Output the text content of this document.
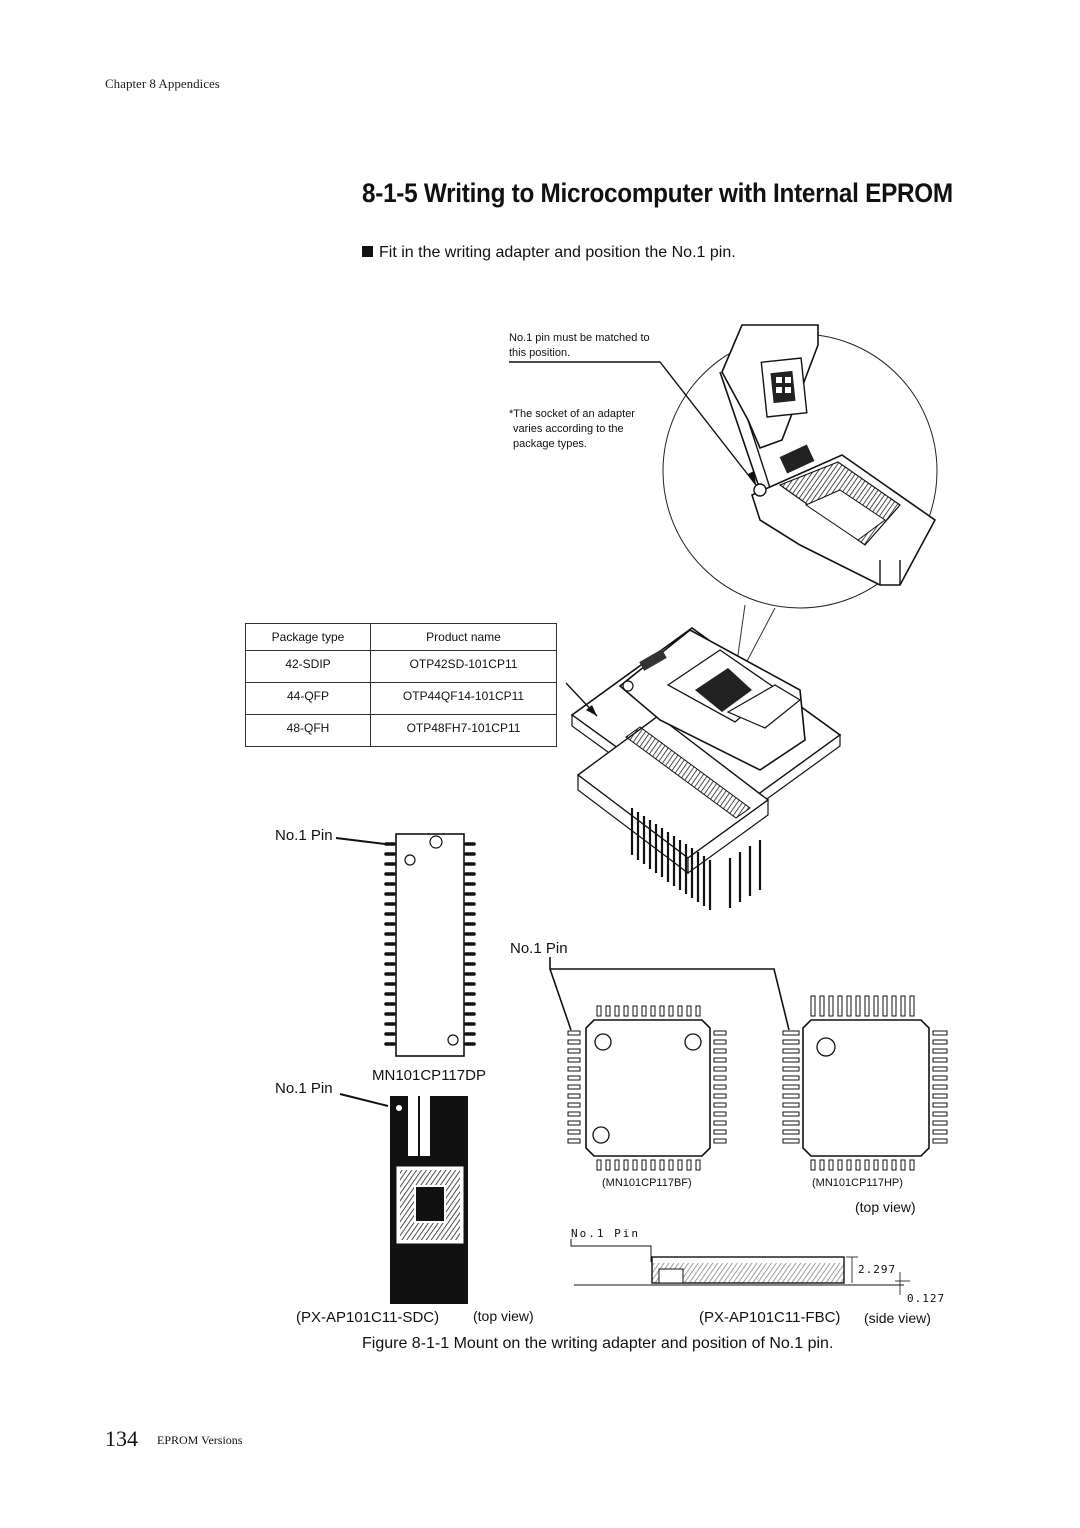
Chapter 8 Appendices
8-1-5 Writing to Microcomputer with Internal EPROM
Fit in the writing adapter and position the No.1 pin.
No.1 pin must be matched to
this position.
*The socket of an adapter
varies according to the
package types.
Package type	Product name
42-SDIP	OTP42SD-101CP11
44-QFP	OTP44QF14-101CP11
48-QFH	OTP48FH7-101CP11
No.1 Pin
No.1 Pin
MN101CP117DP
No.1 Pin
(MN101CP117BF)	(MN101CP117HP)
(top view)
No.1 Pin
2.297
0.127
(PX-AP101C11-SDC) (top view)	(PX-AP101C11-FBC) (side view)
Figure 8-1-1 Mount on the writing adapter and position of No.1 pin.
134 EPROM Versions
